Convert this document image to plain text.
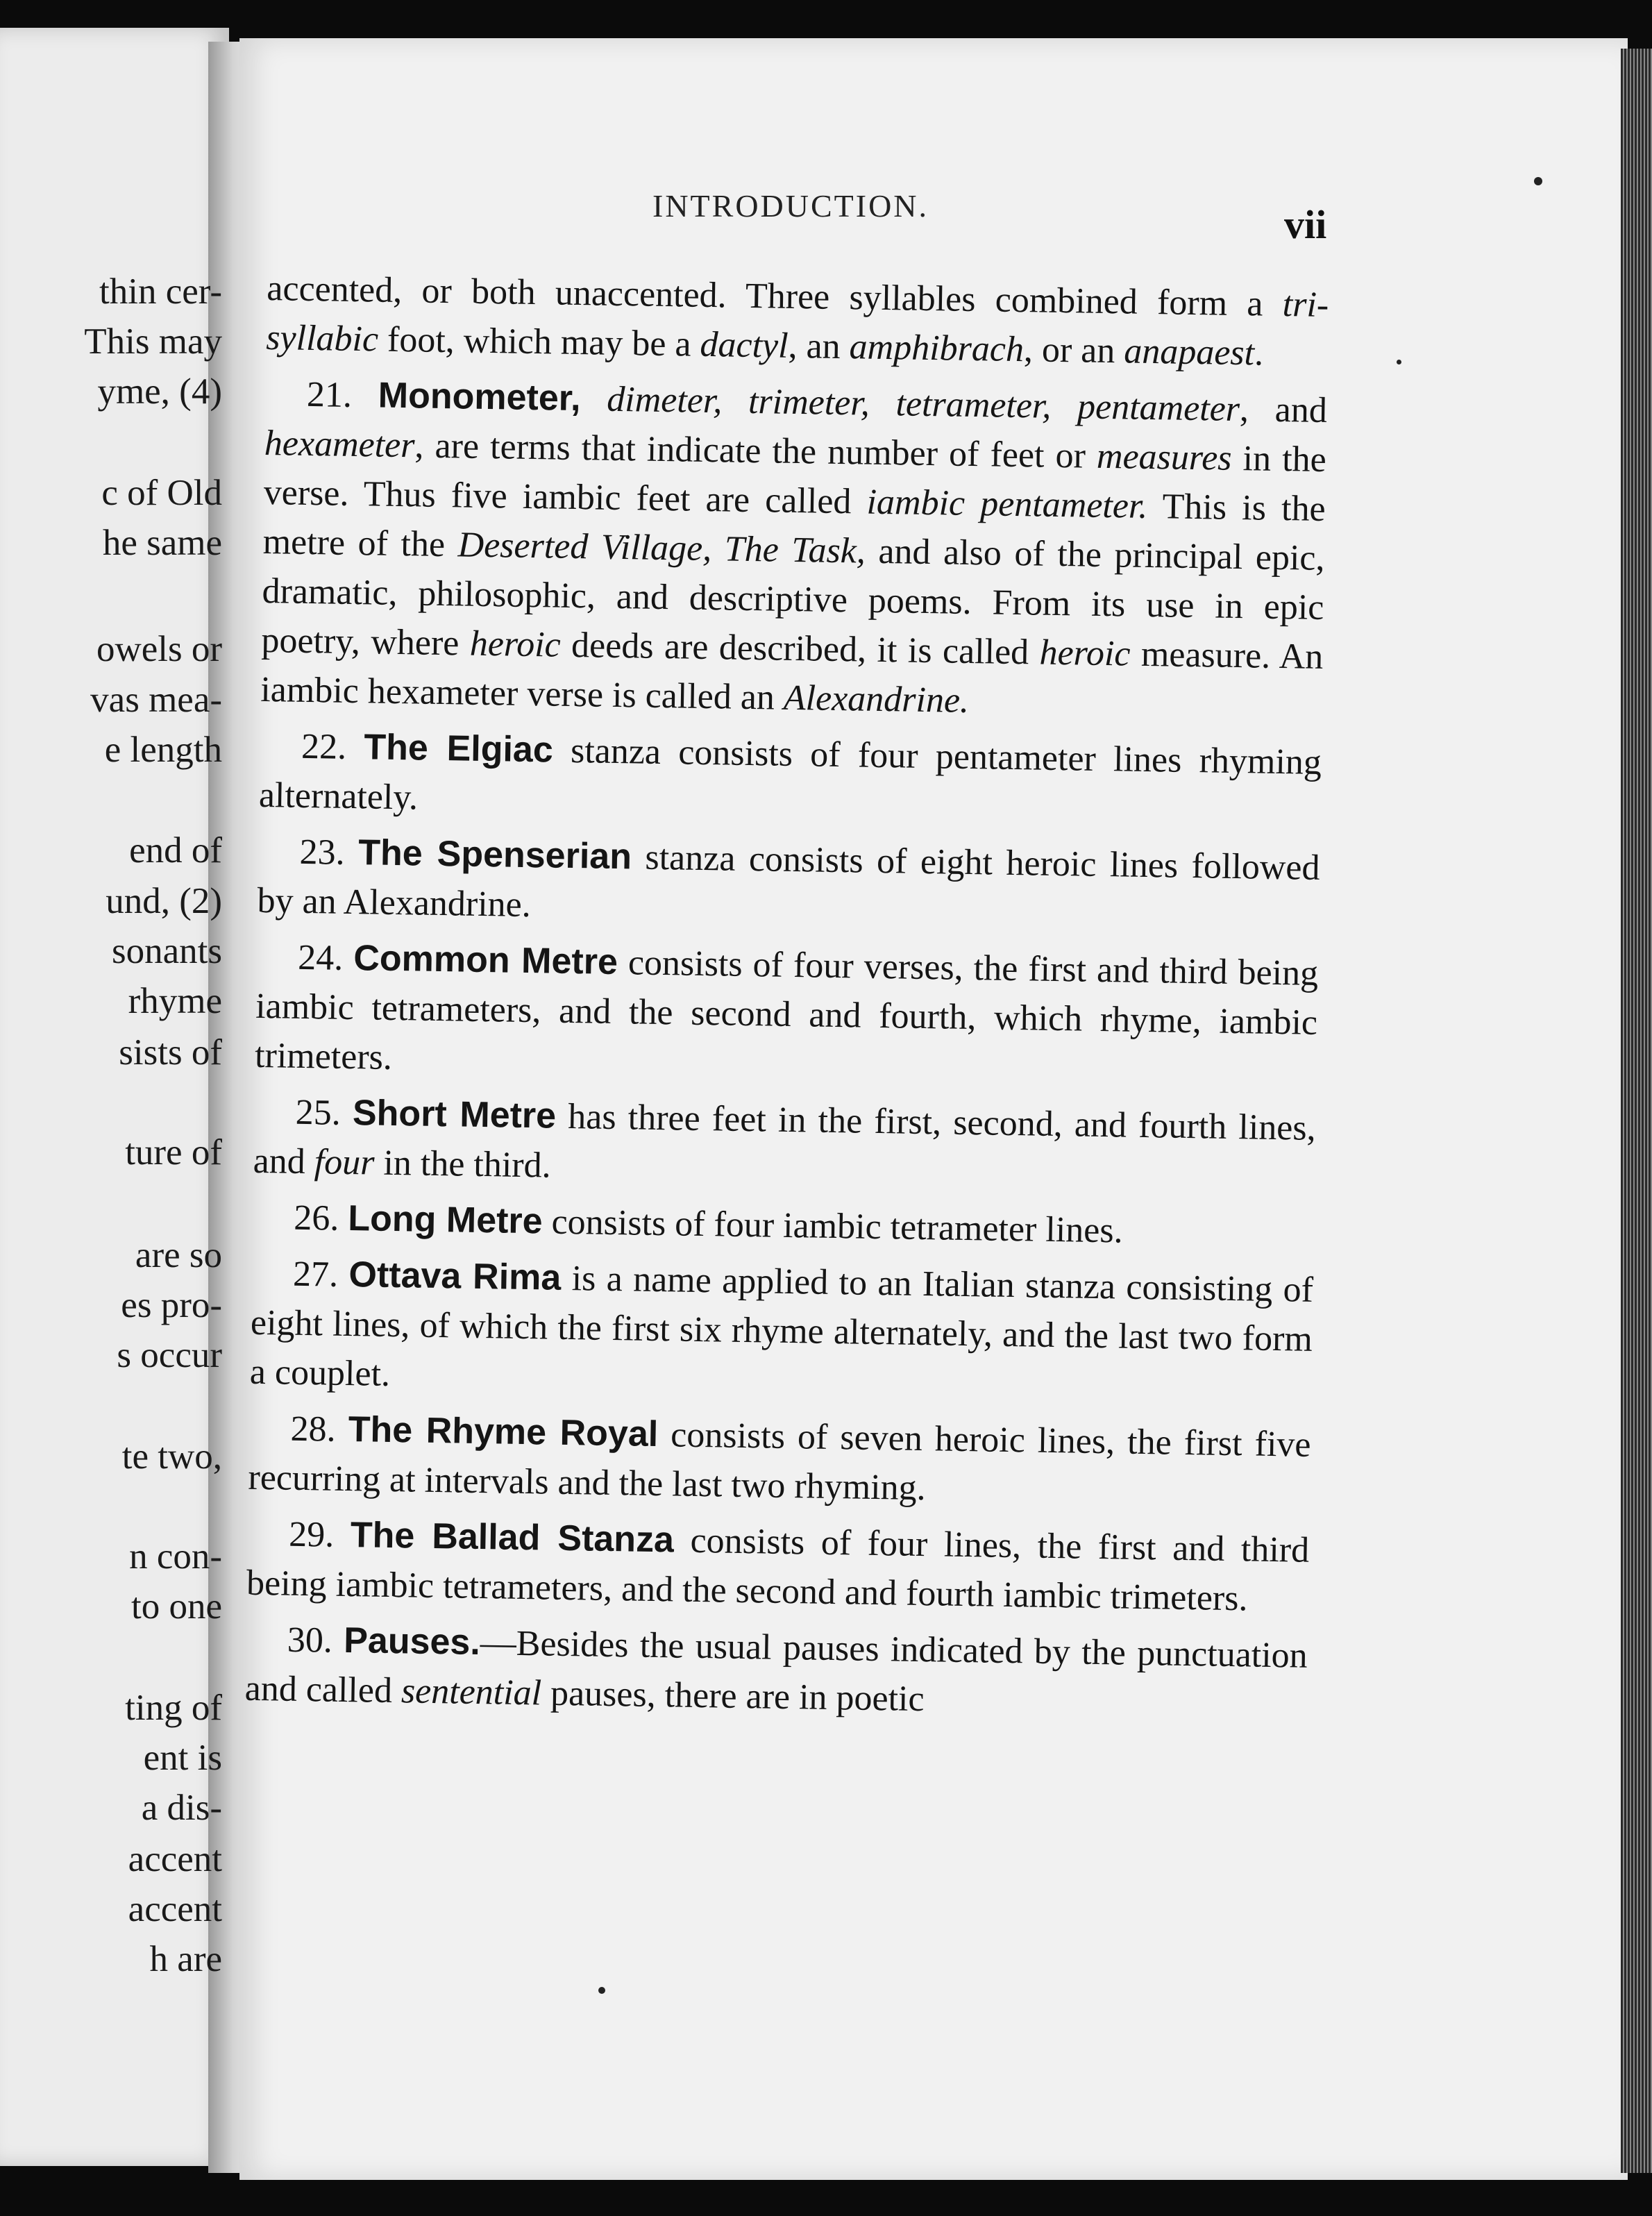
thin cer-
This may
yme, (4)
c of Old
he same
owels or
vas mea-
e length
end of
und, (2)
sonants
rhyme
sists of
ture of
are so
es pro-
s occur
te two,
n con-
to one
ting of
ent is
a dis-
accent
accent
h are
INTRODUCTION.	vii

accented, or both unaccented. Three syllables combined form a tri-syllabic foot, which may be a dactyl, an amphibrach, or an anapaest.

21. Monometer, dimeter, trimeter, tetrameter, pentameter, and hexameter, are terms that indicate the number of feet or measures in the verse. Thus five iambic feet are called iambic pentameter. This is the metre of the Deserted Village, The Task, and also of the principal epic, dramatic, philosophic, and descriptive poems. From its use in epic poetry, where heroic deeds are described, it is called heroic measure. An iambic hexameter verse is called an Alexandrine.

22. The Elgiac stanza consists of four pentameter lines rhyming alternately.

23. The Spenserian stanza consists of eight heroic lines followed by an Alexandrine.

24. Common Metre consists of four verses, the first and third being iambic tetrameters, and the second and fourth, which rhyme, iambic trimeters.

25. Short Metre has three feet in the first, second, and fourth lines, and four in the third.

26. Long Metre consists of four iambic tetrameter lines.

27. Ottava Rima is a name applied to an Italian stanza consisting of eight lines, of which the first six rhyme alternately, and the last two form a couplet.

28. The Rhyme Royal consists of seven heroic lines, the first five recurring at intervals and the last two rhyming.

29. The Ballad Stanza consists of four lines, the first and third being iambic tetrameters, and the second and fourth iambic trimeters.

30. Pauses.—Besides the usual pauses indicated by the punctuation and called sentential pauses, there are in poetic
